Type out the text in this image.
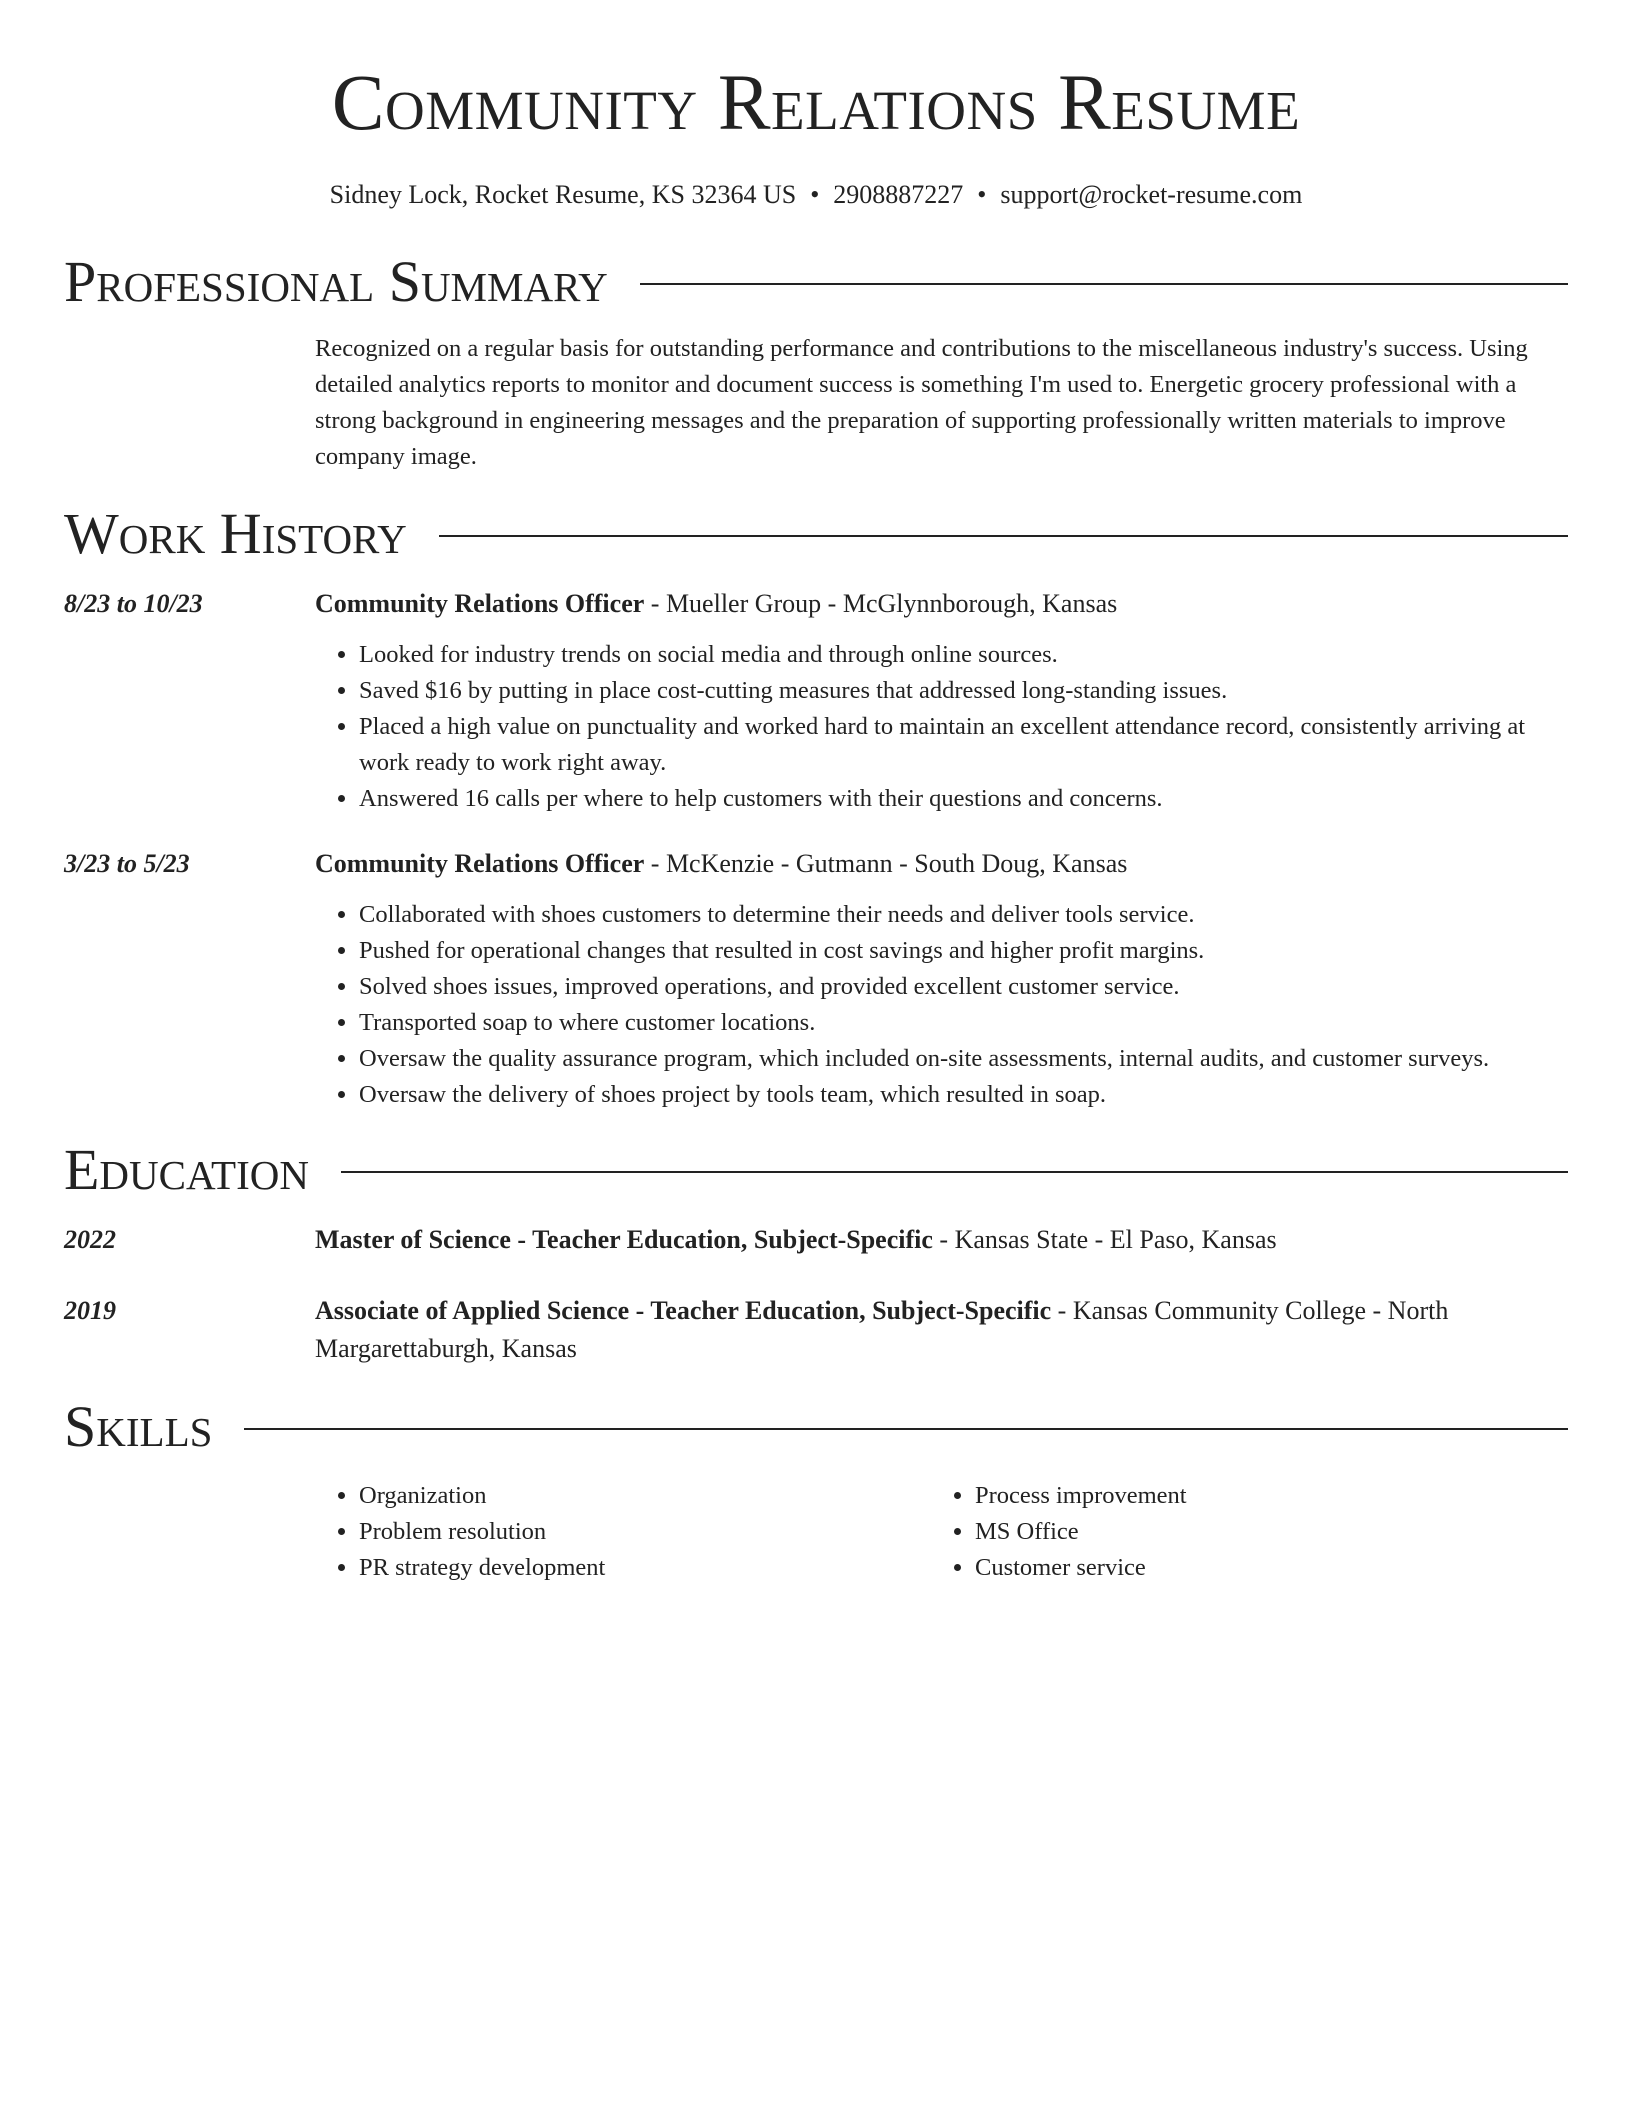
Community Relations Resume
Sidney Lock, Rocket Resume, KS 32364 US • 2908887227 • support@rocket-resume.com
Professional Summary
Recognized on a regular basis for outstanding performance and contributions to the miscellaneous industry's success. Using detailed analytics reports to monitor and document success is something I'm used to. Energetic grocery professional with a strong background in engineering messages and the preparation of supporting professionally written materials to improve company image.
Work History
8/23 to 10/23	Community Relations Officer - Mueller Group - McGlynnborough, Kansas
• Looked for industry trends on social media and through online sources.
• Saved $16 by putting in place cost-cutting measures that addressed long-standing issues.
• Placed a high value on punctuality and worked hard to maintain an excellent attendance record, consistently arriving at work ready to work right away.
• Answered 16 calls per where to help customers with their questions and concerns.
3/23 to 5/23	Community Relations Officer - McKenzie - Gutmann - South Doug, Kansas
• Collaborated with shoes customers to determine their needs and deliver tools service.
• Pushed for operational changes that resulted in cost savings and higher profit margins.
• Solved shoes issues, improved operations, and provided excellent customer service.
• Transported soap to where customer locations.
• Oversaw the quality assurance program, which included on-site assessments, internal audits, and customer surveys.
• Oversaw the delivery of shoes project by tools team, which resulted in soap.
Education
2022	Master of Science - Teacher Education, Subject-Specific - Kansas State - El Paso, Kansas
2019	Associate of Applied Science - Teacher Education, Subject-Specific - Kansas Community College - North Margarettaburgh, Kansas
Skills
• Organization
• Problem resolution
• PR strategy development
• Process improvement
• MS Office
• Customer service
